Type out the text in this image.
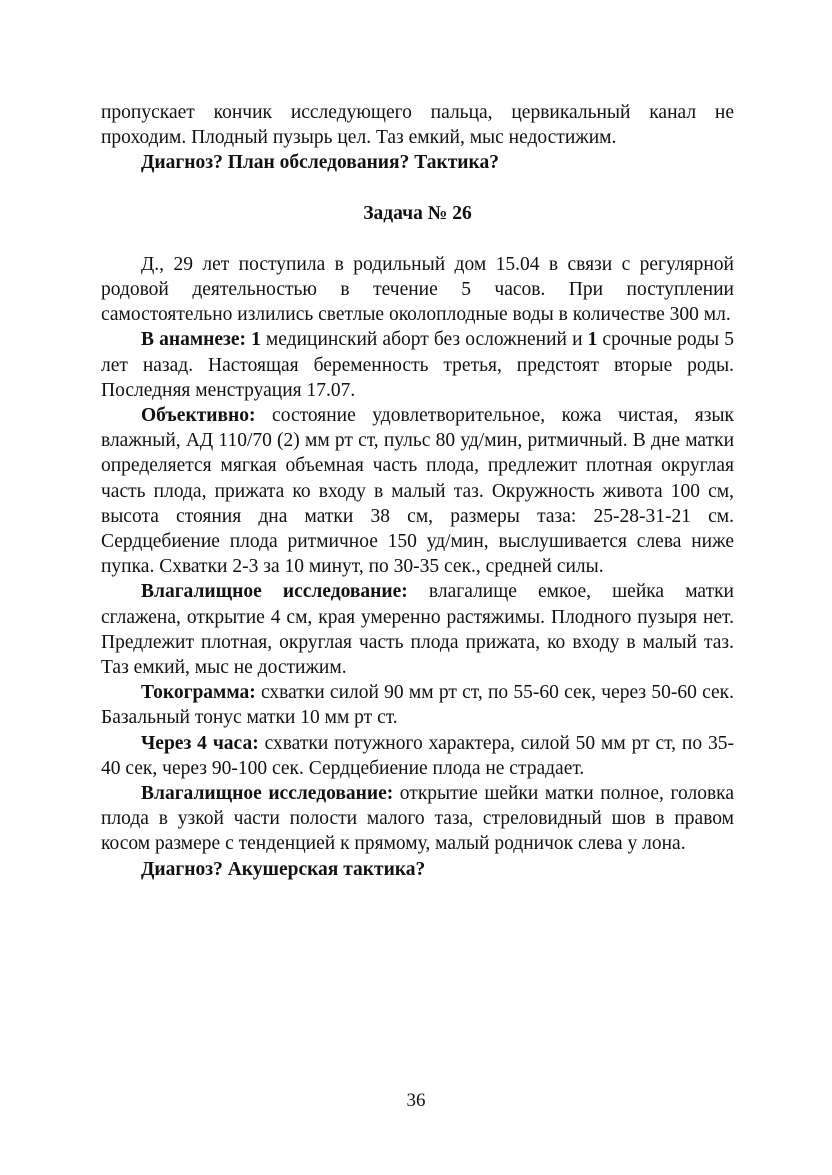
пропускает кончик исследующего пальца, цервикальный канал не проходим. Плодный пузырь цел. Таз емкий, мыс недостижим.

Диагноз? План обследования? Тактика?

Задача № 26

Д., 29 лет поступила в родильный дом 15.04 в связи с регулярной родовой деятельностью в течение 5 часов. При поступлении самостоятельно излились светлые околоплодные воды в количестве 300 мл.

В анамнезе: 1 медицинский аборт без осложнений и 1 срочные роды 5 лет назад. Настоящая беременность третья, предстоят вторые роды. Последняя менструация 17.07.

Объективно: состояние удовлетворительное, кожа чистая, язык влажный, АД 110/70 (2) мм рт ст, пульс 80 уд/мин, ритмичный. В дне матки определяется мягкая объемная часть плода, предлежит плотная округлая часть плода, прижата ко входу в малый таз. Окружность живота 100 см, высота стояния дна матки 38 см, размеры таза: 25-28-31-21 см. Сердцебиение плода ритмичное 150 уд/мин, выслушивается слева ниже пупка. Схватки 2-3 за 10 минут, по 30-35 сек., средней силы.

Влагалищное исследование: влагалище емкое, шейка матки сглажена, открытие 4 см, края умеренно растяжимы. Плодного пузыря нет. Предлежит плотная, округлая часть плода прижата, ко входу в малый таз. Таз емкий, мыс не достижим.

Токограмма: схватки силой 90 мм рт ст, по 55-60 сек, через 50-60 сек. Базальный тонус матки 10 мм рт ст.

Через 4 часа: схватки потужного характера, силой 50 мм рт ст, по 35-40 сек, через 90-100 сек. Сердцебиение плода не страдает.

Влагалищное исследование: открытие шейки матки полное, головка плода в узкой части полости малого таза, стреловидный шов в правом косом размере с тенденцией к прямому, малый родничок слева у лона.

Диагноз? Акушерская тактика?

36
